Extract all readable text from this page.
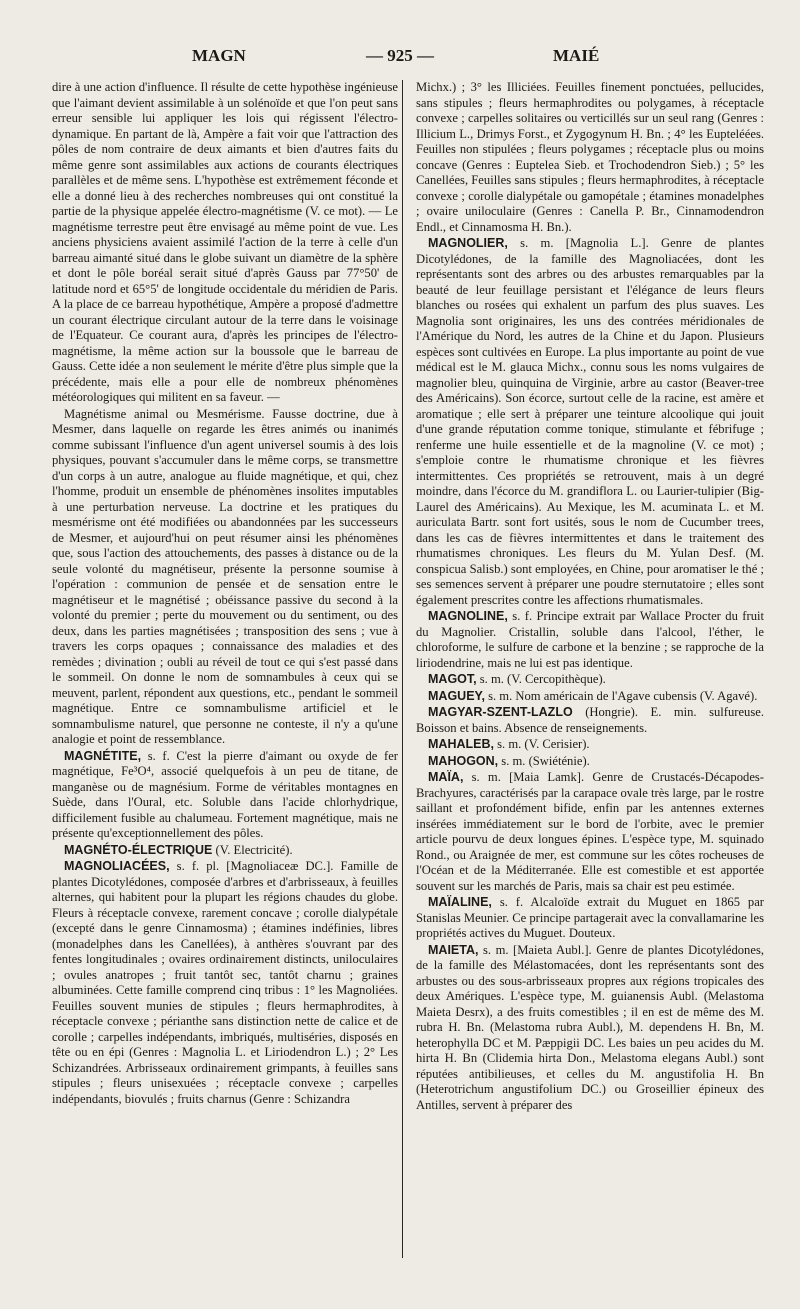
MAGN	— 925 —	MAIÉ

dire à une action d'influence. Il résulte de cette hypothèse ingénieuse que l'aimant devient assimilable à un solénoïde et que l'on peut sans erreur sensible lui appliquer les lois qui régissent l'électro-dynamique. En partant de là, Ampère a fait voir que l'attraction des pôles de nom contraire de deux aimants et bien d'autres faits du même genre sont assimilables aux actions de courants électriques parallèles et de même sens. L'hypothèse est extrêmement féconde et elle a donné lieu à des recherches nombreuses qui ont constitué la partie de la physique appelée électro-magnétisme (V. ce mot). — Le magnétisme terrestre peut être envisagé au même point de vue. Les anciens physiciens avaient assimilé l'action de la terre à celle d'un barreau aimanté situé dans le globe suivant un diamètre de la sphère et dont le pôle boréal serait situé d'après Gauss par 77°50' de latitude nord et 65°5' de longitude occidentale du méridien de Paris. A la place de ce barreau hypothétique, Ampère a proposé d'admettre un courant électrique circulant autour de la terre dans le voisinage de l'Equateur. Ce courant aura, d'après les principes de l'électro-magnétisme, la même action sur la boussole que le barreau de Gauss. Cette idée a non seulement le mérite d'être plus simple que la précédente, mais elle a pour elle de nombreux phénomènes météorologiques qui militent en sa faveur. —

Magnétisme animal ou Mesmérisme. Fausse doctrine, due à Mesmer, dans laquelle on regarde les êtres animés ou inanimés comme subissant l'influence d'un agent universel soumis à des lois physiques, pouvant s'accumuler dans le même corps, se transmettre d'un corps à un autre, analogue au fluide magnétique, et qui, chez l'homme, produit un ensemble de phénomènes insolites imputables à une perturbation nerveuse. La doctrine et les pratiques du mesmérisme ont été modifiées ou abandonnées par les successeurs de Mesmer, et aujourd'hui on peut résumer ainsi les phénomènes que, sous l'action des attouchements, des passes à distance ou de la seule volonté du magnétiseur, présente la personne soumise à l'opération : communion de pensée et de sensation entre le magnétiseur et le magnétisé ; obéissance passive du second à la volonté du premier ; perte du mouvement ou du sentiment, ou des deux, dans les parties magnétisées ; transposition des sens ; vue à travers les corps opaques ; connaissance des maladies et des remèdes ; divination ; oubli au réveil de tout ce qui s'est passé dans le sommeil. On donne le nom de somnambules à ceux qui se meuvent, parlent, répondent aux questions, etc., pendant le sommeil magnétique. Entre ce somnambulisme artificiel et le somnambulisme naturel, que personne ne conteste, il n'y a qu'une analogie et point de ressemblance.

MAGNÉTITE, s. f. C'est la pierre d'aimant ou oxyde de fer magnétique, Fe³O⁴, associé quelquefois à un peu de titane, de manganèse ou de magnésium. Forme de véritables montagnes en Suède, dans l'Oural, etc. Soluble dans l'acide chlorhydrique, difficilement fusible au chalumeau. Fortement magnétique, mais ne présente qu'exceptionnellement des pôles.

MAGNÉTO-ÉLECTRIQUE (V. Electricité).

MAGNOLIACÉES, s. f. pl. [Magnoliaceæ DC.]. Famille de plantes Dicotylédones, composée d'arbres et d'arbrisseaux, à feuilles alternes, qui habitent pour la plupart les régions chaudes du globe. Fleurs à réceptacle convexe, rarement concave ; corolle dialypétale (excepté dans le genre Cinnamosma) ; étamines indéfinies, libres (monadelphes dans les Canellées), à anthères s'ouvrant par des fentes longitudinales ; ovaires ordinairement distincts, uniloculaires ; ovules anatropes ; fruit tantôt sec, tantôt charnu ; graines albuminées. Cette famille comprend cinq tribus : 1° les Magnoliées. Feuilles souvent munies de stipules ; fleurs hermaphrodites, à réceptacle convexe ; périanthe sans distinction nette de calice et de corolle ; carpelles indépendants, imbriqués, multiséries, disposés en tête ou en épi (Genres : Magnolia L. et Liriodendron L.) ; 2° Les Schizandrées. Arbrisseaux ordinairement grimpants, à feuilles sans stipules ; fleurs unisexuées ; réceptacle convexe ; carpelles indépendants, biovulés ; fruits charnus (Genre : Schizandra

Michx.) ; 3° les Illiciées. Feuilles finement ponctuées, pellucides, sans stipules ; fleurs hermaphrodites ou polygames, à réceptacle convexe ; carpelles solitaires ou verticillés sur un seul rang (Genres : Illicium L., Drimys Forst., et Zygogynum H. Bn. ; 4° les Eupteléées. Feuilles non stipulées ; fleurs polygames ; réceptacle plus ou moins concave (Genres : Euptelea Sieb. et Trochodendron Sieb.) ; 5° les Canellées, Feuilles sans stipules ; fleurs hermaphrodites, à réceptacle convexe ; corolle dialypétale ou gamopétale ; étamines monadelphes ; ovaire uniloculaire (Genres : Canella P. Br., Cinnamodendron Endl., et Cinnamosma H. Bn.).

MAGNOLIER, s. m. [Magnolia L.]. Genre de plantes Dicotylédones, de la famille des Magnoliacées, dont les représentants sont des arbres ou des arbustes remarquables par la beauté de leur feuillage persistant et l'élégance de leurs fleurs blanches ou rosées qui exhalent un parfum des plus suaves. Les Magnolia sont originaires, les uns des contrées méridionales de l'Amérique du Nord, les autres de la Chine et du Japon. Plusieurs espèces sont cultivées en Europe. La plus importante au point de vue médical est le M. glauca Michx., connu sous les noms vulgaires de magnolier bleu, quinquina de Virginie, arbre au castor (Beaver-tree des Américains). Son écorce, surtout celle de la racine, est amère et aromatique ; elle sert à préparer une teinture alcoolique qui jouit d'une grande réputation comme tonique, stimulante et fébrifuge ; renferme une huile essentielle et de la magnoline (V. ce mot) ; s'emploie contre le rhumatisme chronique et les fièvres intermittentes. Ces propriétés se retrouvent, mais à un degré moindre, dans l'écorce du M. grandiflora L. ou Laurier-tulipier (Big-Laurel des Américains). Au Mexique, les M. acuminata L. et M. auriculata Bartr. sont fort usités, sous le nom de Cucumber trees, dans les cas de fièvres intermittentes et dans le traitement des rhumatismes chroniques. Les fleurs du M. Yulan Desf. (M. conspicua Salisb.) sont employées, en Chine, pour aromatiser le thé ; ses semences servent à préparer une poudre sternutatoire ; elles sont également prescrites contre les affections rhumatismales.

MAGNOLINE, s. f. Principe extrait par Wallace Procter du fruit du Magnolier. Cristallin, soluble dans l'alcool, l'éther, le chloroforme, le sulfure de carbone et la benzine ; se rapproche de la liriodendrine, mais ne lui est pas identique.

MAGOT, s. m. (V. Cercopithèque).

MAGUEY, s. m. Nom américain de l'Agave cubensis (V. Agavé).

MAGYAR-SZENT-LAZLO (Hongrie). E. min. sulfureuse. Boisson et bains. Absence de renseignements.

MAHALEB, s. m. (V. Cerisier).

MAHOGON, s. m. (Swiéténie).

MAÏA, s. m. [Maia Lamk]. Genre de Crustacés-Décapodes-Brachyures, caractérisés par la carapace ovale très large, par le rostre saillant et profondément bifide, enfin par les antennes externes insérées immédiatement sur le bord de l'orbite, avec le premier article pourvu de deux longues épines. L'espèce type, M. squinado Rond., ou Araignée de mer, est commune sur les côtes rocheuses de l'Océan et de la Méditerranée. Elle est comestible et est apportée souvent sur les marchés de Paris, mais sa chair est peu estimée.

MAÏALINE, s. f. Alcaloïde extrait du Muguet en 1865 par Stanislas Meunier. Ce principe partagerait avec la convallamarine les propriétés actives du Muguet. Douteux.

MAIETA, s. m. [Maieta Aubl.]. Genre de plantes Dicotylédones, de la famille des Mélastomacées, dont les représentants sont des arbustes ou des sous-arbrisseaux propres aux régions tropicales des deux Amériques. L'espèce type, M. guianensis Aubl. (Melastoma Maieta Desrx), a des fruits comestibles ; il en est de même des M. rubra H. Bn. (Melastoma rubra Aubl.), M. dependens H. Bn, M. heterophylla DC et M. Pæppigii DC. Les baies un peu acides du M. hirta H. Bn (Clidemia hirta Don., Melastoma elegans Aubl.) sont réputées antibilieuses, et celles du M. angustifolia H. Bn (Heterotrichum angustifolium DC.) ou Groseillier épineux des Antilles, servent à préparer des
